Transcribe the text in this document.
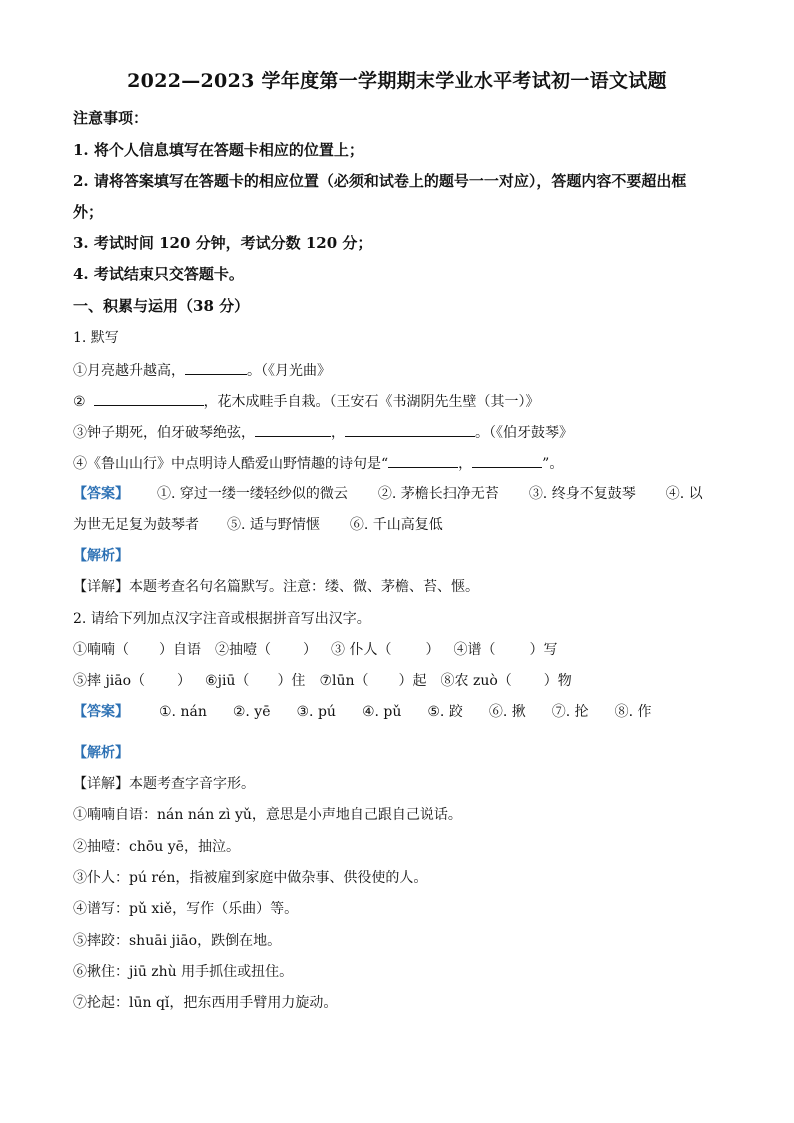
2022—2023 学年度第一学期期末学业水平考试初一语文试题
注意事项：
1. 将个人信息填写在答题卡相应的位置上；
2. 请将答案填写在答题卡的相应位置（必须和试卷上的题号一一对应），答题内容不要超出框
外；
3. 考试时间 120 分钟，考试分数 120 分；
4. 考试结束只交答题卡。
一、积累与运用（38 分）
1. 默写
①月亮越升越高，	。（《月光曲》
②	，花木成畦手自栽。（王安石《书湖阴先生壁（其一）》
③钟子期死，伯牙破琴绝弦，	，	。（《伯牙鼓琴》
④《鲁山山行》中点明诗人酷爱山野情趣的诗句是“	，	”。
【答案】 ①. 穿过一缕一缕轻纱似的微云 ②. 茅檐长扫净无苔 ③. 终身不复鼓琴 ④. 以
为世无足复为鼓琴者 ⑤. 适与野情惬 ⑥. 千山高复低
【解析】
【详解】本题考查名句名篇默写。注意：缕、微、茅檐、苔、惬。
2. 请给下列加点汉字注音或根据拼音写出汉字。
①喃喃（ ）自语 ②抽噎（ ） ③ 仆人（ ） ④谱（ ）写
⑤摔 jiāo（ ） ⑥jiū（ ）住 ⑦lūn（ ）起 ⑧农 zuò（ ）物
【答案】 ①. nán ②. yē ③. pú ④. pǔ ⑤. 跤 ⑥. 揪 ⑦. 抡 ⑧. 作
【解析】
【详解】本题考查字音字形。
①喃喃自语：nán nán zì yǔ，意思是小声地自己跟自己说话。
②抽噎：chōu yē，抽泣。
③仆人：pú rén，指被雇到家庭中做杂事、供役使的人。
④谱写：pǔ xiě，写作（乐曲）等。
⑤摔跤：shuāi jiāo，跌倒在地。
⑥揪住：jiū zhù 用手抓住或扭住。
⑦抡起：lūn qǐ，把东西用手臂用力旋动。
